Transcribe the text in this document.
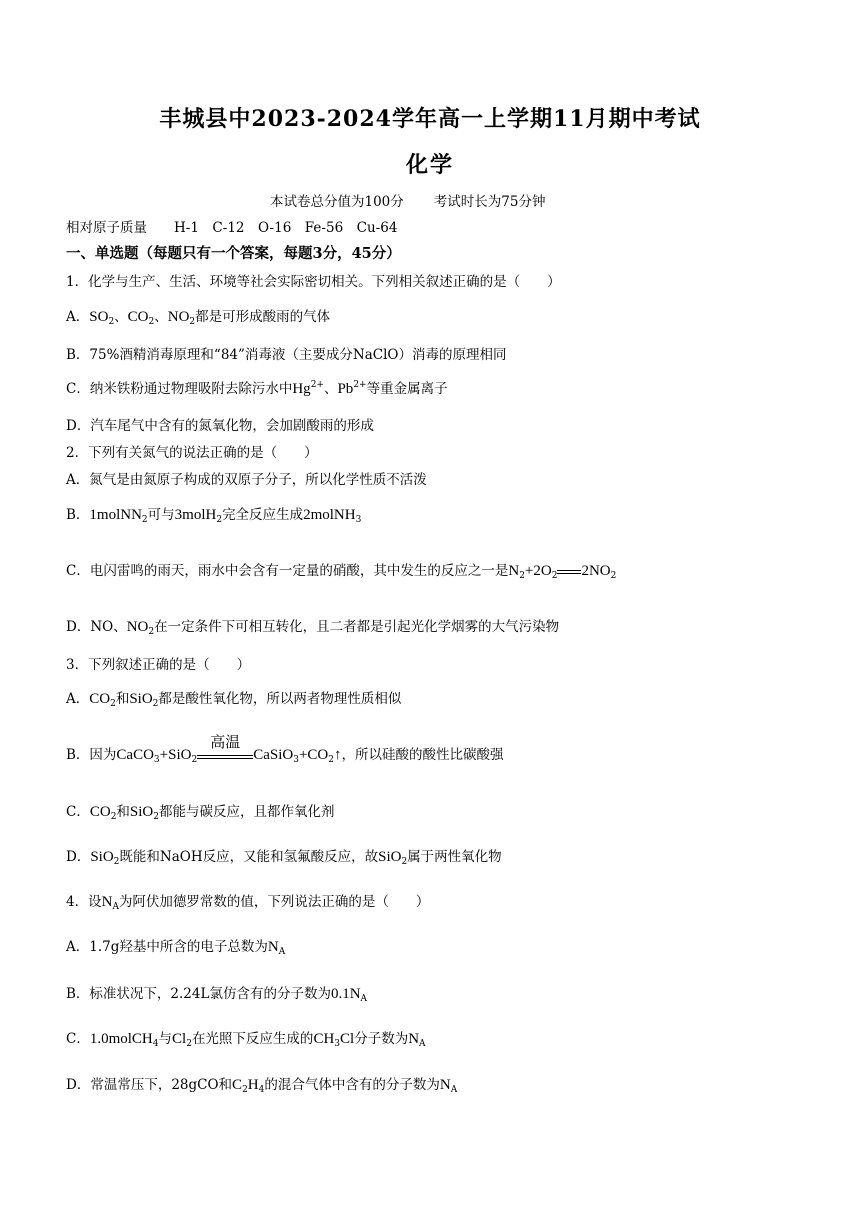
丰城县中2023-2024学年高一上学期11月期中考试
化学
本试卷总分值为100分 考试时长为75分钟
相对原子质量　　H-1　C-12　O-16　Fe-56　Cu-64
一、单选题（每题只有一个答案，每题3分，45分）
1．化学与生产、生活、环境等社会实际密切相关。下列相关叙述正确的是（　　）
A．$SO_2$、$CO_2$、$NO_2$都是可形成酸雨的气体
B．75%酒精消毒原理和“84”消毒液（主要成分NaClO）消毒的原理相同
C．纳米铁粉通过物理吸附去除污水中$Hg^{2+}$、$Pb^{2+}$等重金属离子
D．汽车尾气中含有的氮氧化物，会加剧酸雨的形成
2．下列有关氮气的说法正确的是（　　）
A．氮气是由氮原子构成的双原子分子，所以化学性质不活泼
B．1molNN$_2$可与3molH$_2$完全反应生成2molNH$_3$
C．电闪雷鸣的雨天，雨水中会含有一定量的硝酸，其中发生的反应之一是$N_2+2O_2$ $2NO_2$
D．NO、$NO_2$在一定条件下可相互转化，且二者都是引起光化学烟雾的大气污染物
3．下列叙述正确的是（　　）
A．$CO_2$和SiO$_2$都是酸性氧化物，所以两者物理性质相似
B．因为CaCO$_3$+SiO$_2$
高温
$CaSiO_3+CO_2↑$，所以硅酸的酸性比碳酸强
C．$CO_2$和SiO$_2$都能与碳反应，且都作氧化剂
D．SiO$_2$既能和NaOH反应，又能和氢氟酸反应，故SiO$_2$属于两性氧化物
4．设$N_A$为阿伏加德罗常数的值，下列说法正确的是（　　）
A．1.7g羟基中所含的电子总数为$N_A$
B．标准状况下，2.24L氯仿含有的分子数为$0.1N_A$
C．1.0molCH$_4$与$Cl_2$在光照下反应生成的$CH_3Cl$分子数为$N_A$
D．常温常压下，28gCO和$C_2H_4$的混合气体中含有的分子数为$N_A$
